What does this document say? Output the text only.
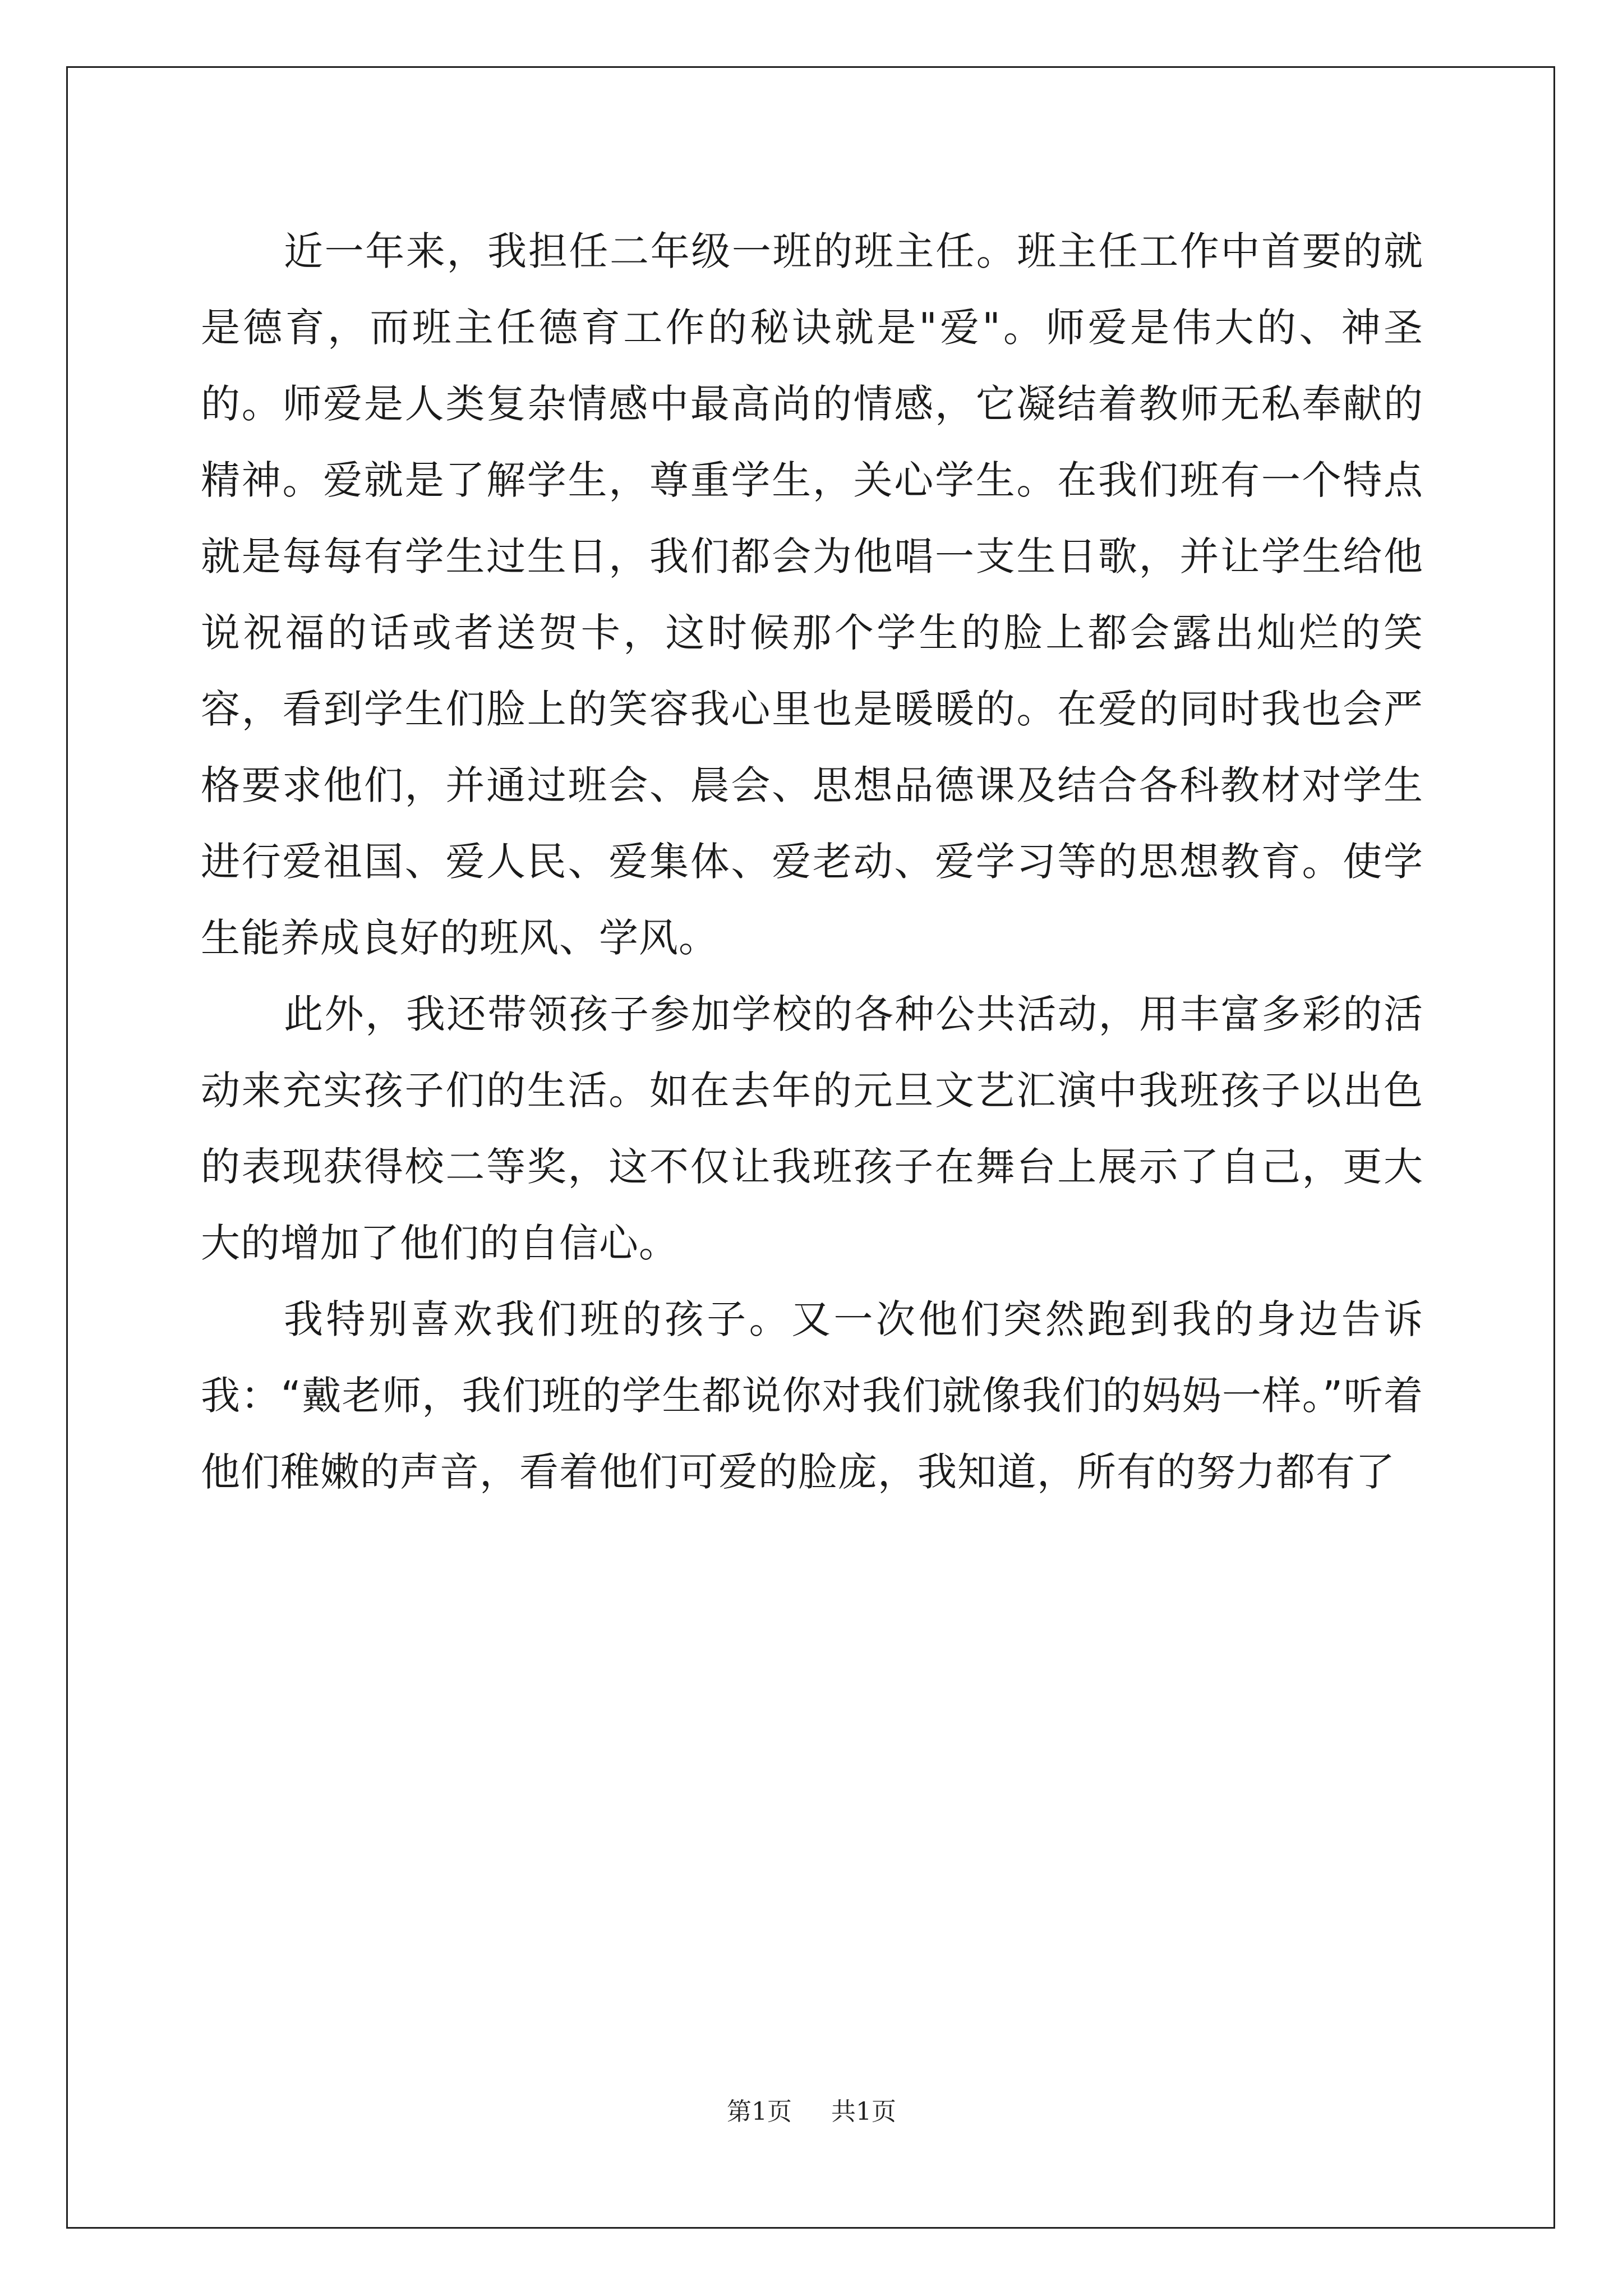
近一年来，我担任二年级一班的班主任。班主任工作中首要的就是德育，而班主任德育工作的秘诀就是"爱"。师爱是伟大的、神圣的。师爱是人类复杂情感中最高尚的情感，它凝结着教师无私奉献的精神。爱就是了解学生，尊重学生，关心学生。在我们班有一个特点就是每每有学生过生日，我们都会为他唱一支生日歌，并让学生给他说祝福的话或者送贺卡，这时候那个学生的脸上都会露出灿烂的笑容，看到学生们脸上的笑容我心里也是暖暖的。在爱的同时我也会严格要求他们，并通过班会、晨会、思想品德课及结合各科教材对学生进行爱祖国、爱人民、爱集体、爱老动、爱学习等的思想教育。使学生能养成良好的班风、学风。

此外，我还带领孩子参加学校的各种公共活动，用丰富多彩的活动来充实孩子们的生活。如在去年的元旦文艺汇演中我班孩子以出色的表现获得校二等奖，这不仅让我班孩子在舞台上展示了自己，更大大的增加了他们的自信心。

我特别喜欢我们班的孩子。又一次他们突然跑到我的身边告诉我：“戴老师，我们班的学生都说你对我们就像我们的妈妈一样。”听着他们稚嫩的声音，看着他们可爱的脸庞，我知道，所有的努力都有了

第1页 共1页
